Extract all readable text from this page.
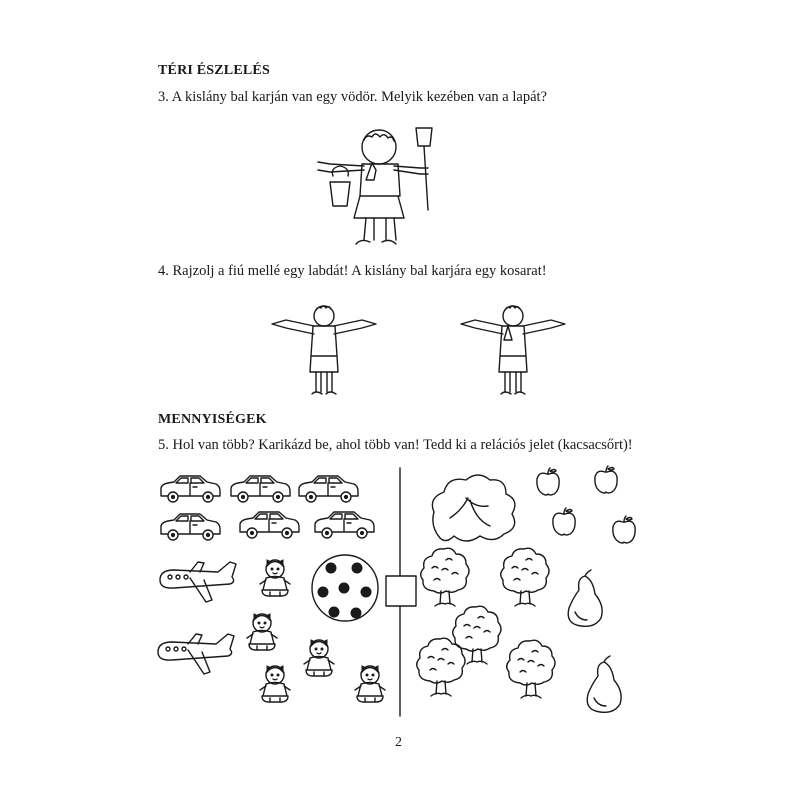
TÉRI ÉSZLELÉS
3. A kislány bal karján van egy vödör. Melyik kezében van a lapát?
4. Rajzolj a fiú mellé egy labdát! A kislány bal karjára egy kosarat!
MENNYISÉGEK
5. Hol van több? Karikázd be, ahol több van! Tedd ki a relációs jelet (kacsacsőrt)!
2
